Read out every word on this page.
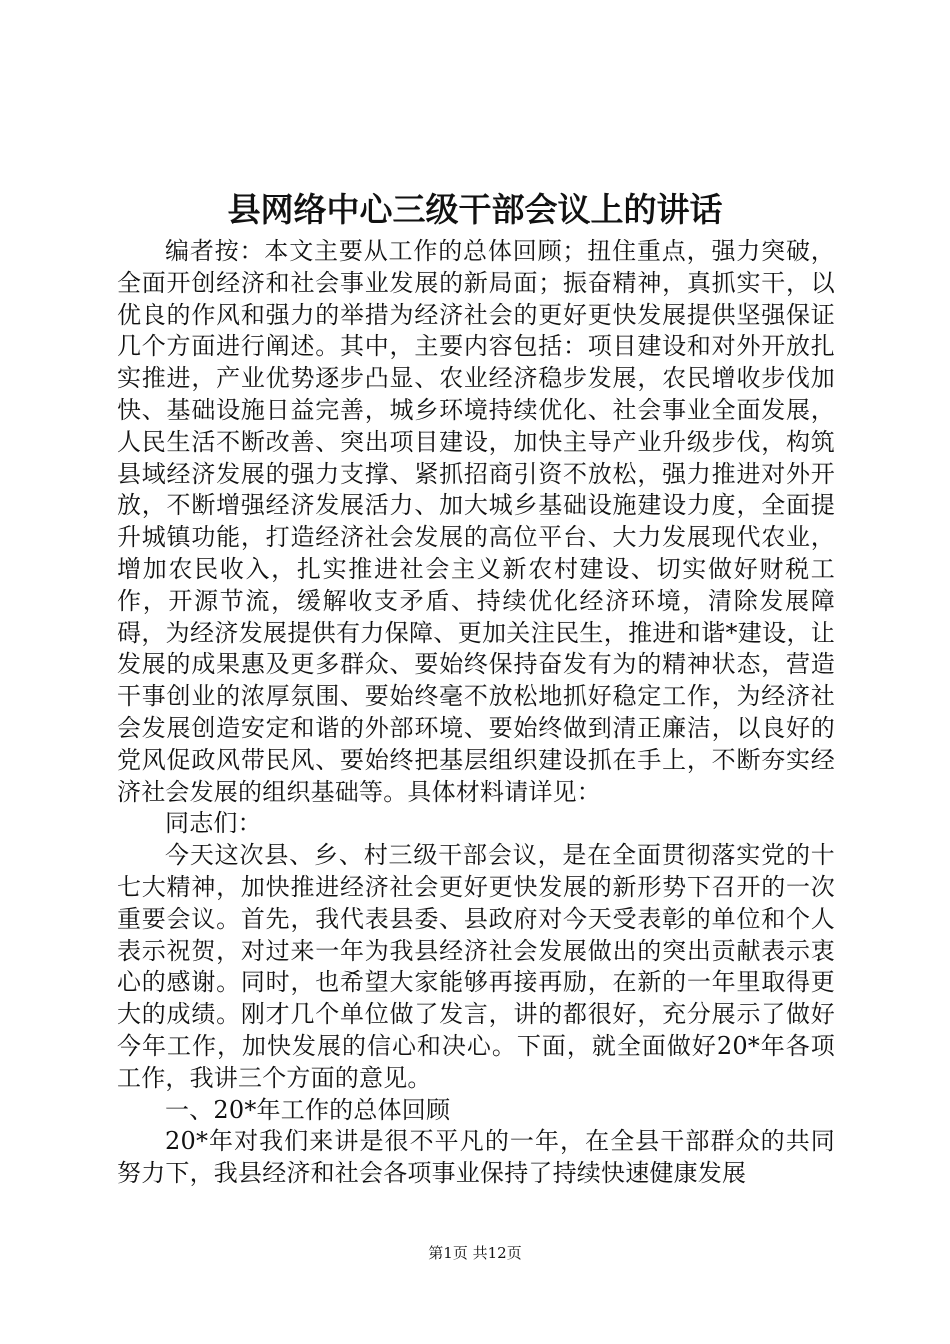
县网络中心三级干部会议上的讲话

编者按：本文主要从工作的总体回顾；扭住重点，强力突破，全面开创经济和社会事业发展的新局面；振奋精神，真抓实干，以优良的作风和强力的举措为经济社会的更好更快发展提供坚强保证几个方面进行阐述。其中，主要内容包括：项目建设和对外开放扎实推进，产业优势逐步凸显、农业经济稳步发展，农民增收步伐加快、基础设施日益完善，城乡环境持续优化、社会事业全面发展，人民生活不断改善、突出项目建设，加快主导产业升级步伐，构筑县域经济发展的强力支撑、紧抓招商引资不放松，强力推进对外开放，不断增强经济发展活力、加大城乡基础设施建设力度，全面提升城镇功能，打造经济社会发展的高位平台、大力发展现代农业，增加农民收入，扎实推进社会主义新农村建设、切实做好财税工作，开源节流，缓解收支矛盾、持续优化经济环境，清除发展障碍，为经济发展提供有力保障、更加关注民生，推进和谐*建设，让发展的成果惠及更多群众、要始终保持奋发有为的精神状态，营造干事创业的浓厚氛围、要始终毫不放松地抓好稳定工作，为经济社会发展创造安定和谐的外部环境、要始终做到清正廉洁，以良好的党风促政风带民风、要始终把基层组织建设抓在手上，不断夯实经济社会发展的组织基础等。具体材料请详见：

同志们：

今天这次县、乡、村三级干部会议，是在全面贯彻落实党的十七大精神，加快推进经济社会更好更快发展的新形势下召开的一次重要会议。首先，我代表县委、县政府对今天受表彰的单位和个人表示祝贺，对过来一年为我县经济社会发展做出的突出贡献表示衷心的感谢。同时，也希望大家能够再接再励，在新的一年里取得更大的成绩。刚才几个单位做了发言，讲的都很好，充分展示了做好今年工作，加快发展的信心和决心。下面，就全面做好20*年各项工作，我讲三个方面的意见。

一、20*年工作的总体回顾

20*年对我们来讲是很不平凡的一年，在全县干部群众的共同努力下，我县经济和社会各项事业保持了持续快速健康发展

第1页 共12页
